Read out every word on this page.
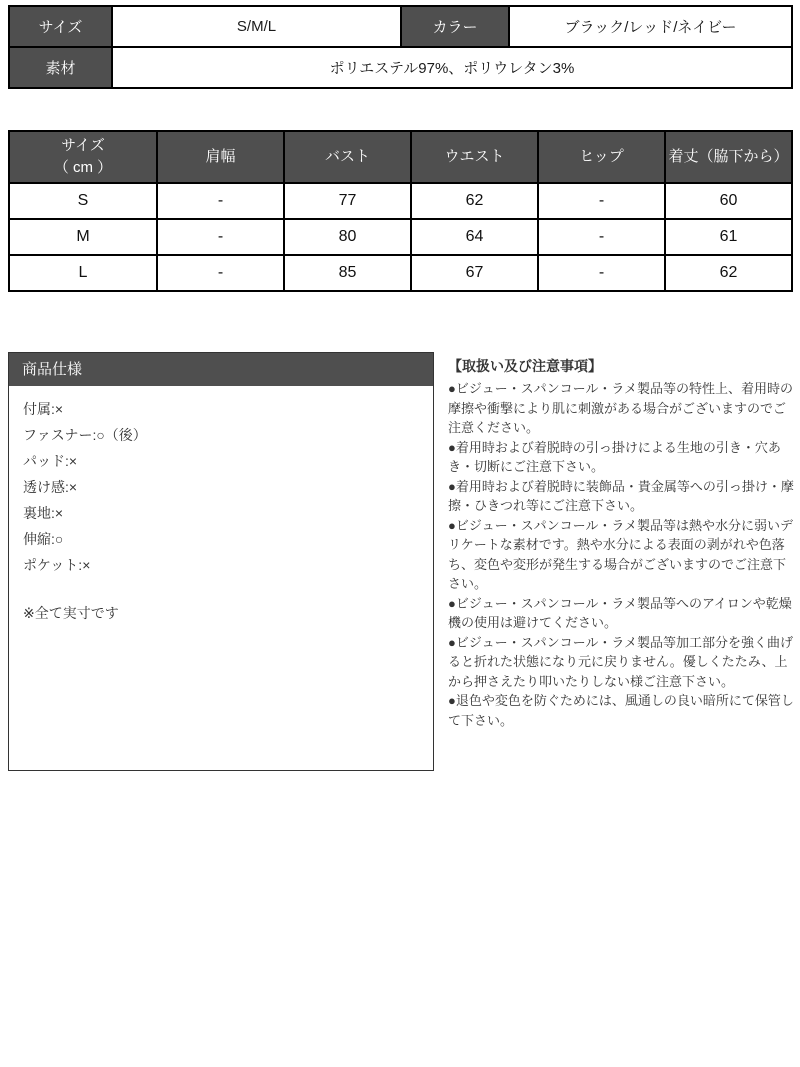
サイズ	S/M/L	カラー	ブラック/レッド/ネイビー
素材	ポリエステル97%、ポリウレタン3%		
サイズ
（ cm ）	肩幅	バスト	ウエスト	ヒップ	着丈（脇下から）
S	-	77	62	-	60
M	-	80	64	-	61
L	-	85	67	-	62
商品仕様

付属:×

ファスナー:○（後）

パッド:×

透け感:×

裏地:×

伸縮:○

ポケット:×

※全て実寸です

【取扱い及び注意事項】

●ビジュー・スパンコール・ラメ製品等の特性上、着用時の摩擦や衝撃により肌に刺激がある場合がございますのでご注意ください。

●着用時および着脱時の引っ掛けによる生地の引き・穴あき・切断にご注意下さい。

●着用時および着脱時に装飾品・貴金属等への引っ掛け・摩擦・ひきつれ等にご注意下さい。

●ビジュー・スパンコール・ラメ製品等は熱や水分に弱いデリケートな素材です。熱や水分による表面の剥がれや色落ち、変色や変形が発生する場合がございますのでご注意下さい。

●ビジュー・スパンコール・ラメ製品等へのアイロンや乾燥機の使用は避けてください。

●ビジュー・スパンコール・ラメ製品等加工部分を強く曲げると折れた状態になり元に戻りません。優しくたたみ、上から押さえたり叩いたりしない様ご注意下さい。

●退色や変色を防ぐためには、風通しの良い暗所にて保管して下さい。
